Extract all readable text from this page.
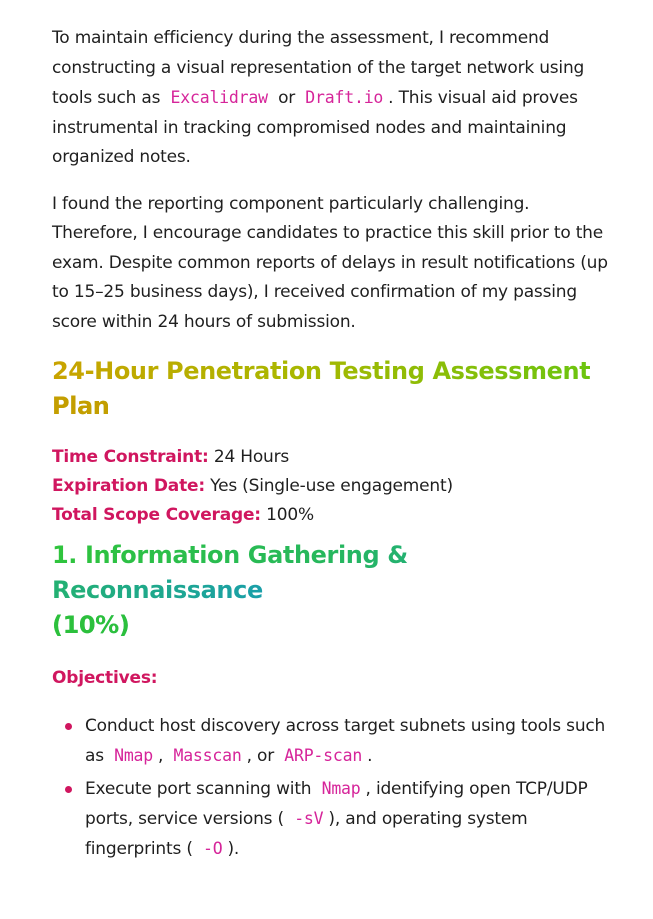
To maintain efficiency during the assessment, I recommend constructing a visual representation of the target network using tools such as Excalidraw or Draft.io . This visual aid proves instrumental in tracking compromised nodes and maintaining organized notes.

I found the reporting component particularly challenging. Therefore, I encourage candidates to practice this skill prior to the exam. Despite common reports of delays in result notifications (up to 15–25 business days), I received confirmation of my passing score within 24 hours of submission.

24-Hour Penetration Testing Assessment
Plan
Time Constraint: 24 Hours
Expiration Date: Yes (Single-use engagement)
Total Scope Coverage: 100%
1. Information Gathering & Reconnaissance
(10%)
Objectives:
Conduct host discovery across target subnets using tools such as Nmap , Masscan , or ARP-scan .
Execute port scanning with Nmap , identifying open TCP/UDP ports, service versions ( -sV ), and operating system fingerprints ( -O ).
